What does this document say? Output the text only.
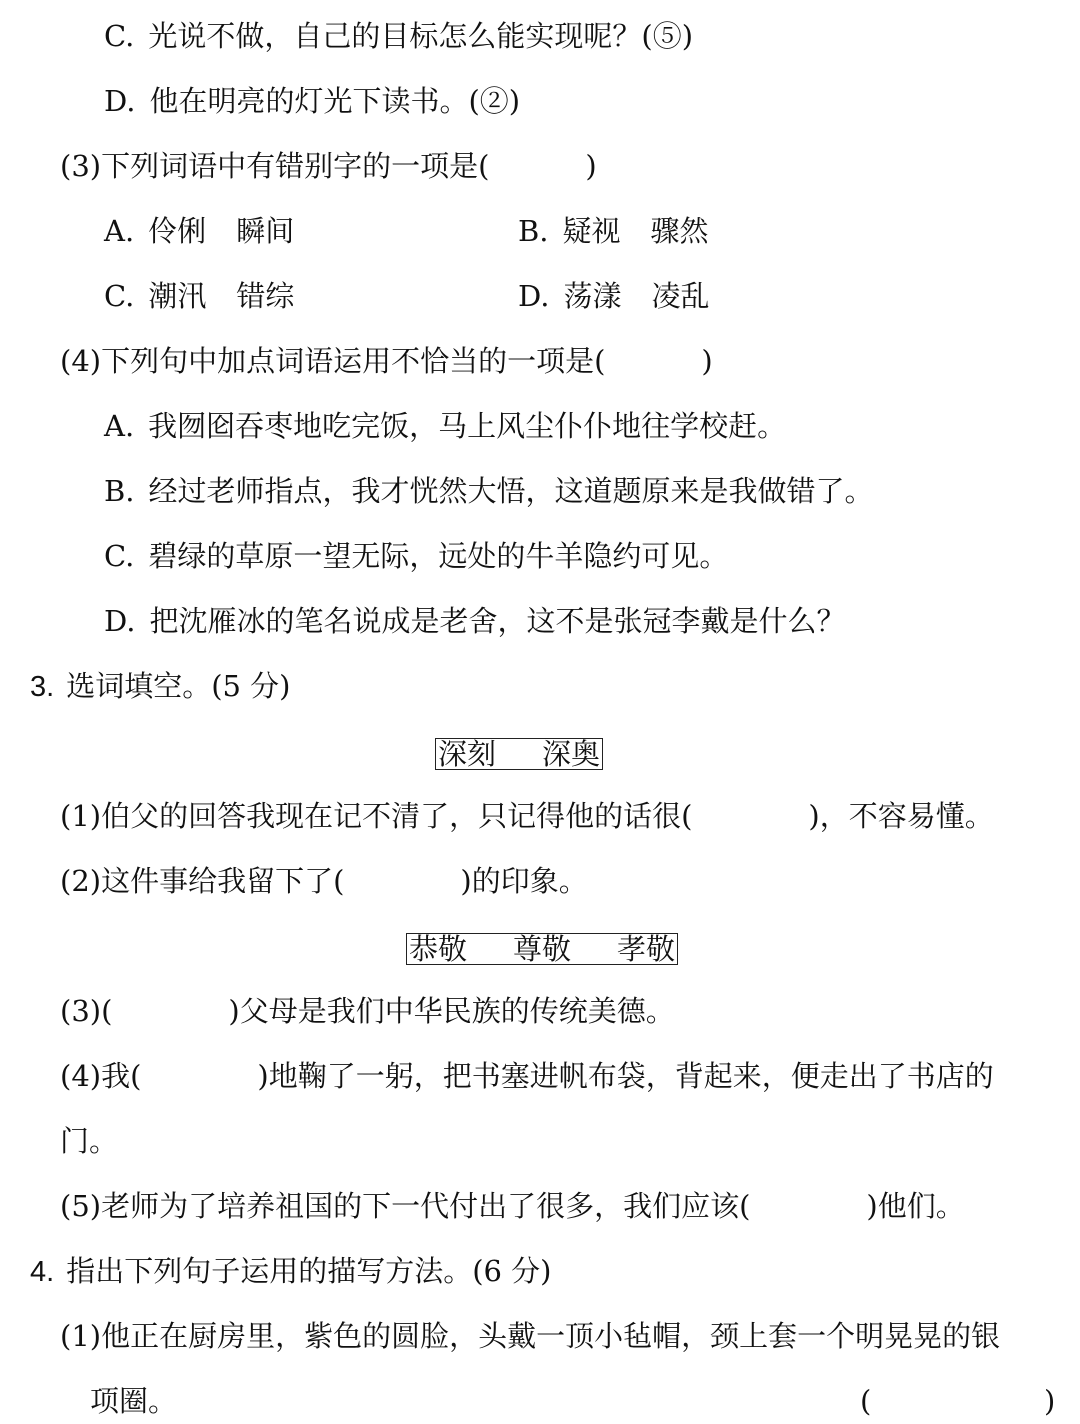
C. 光说不做，自己的目标怎么能实现呢？(⑤)
D. 他在明亮的灯光下读书。(②)
(3)下列词语中有错别字的一项是(	)
A. 伶俐 瞬间	B. 疑视 骤然
C. 潮汛 错综	D. 荡漾 凌乱
(4)下列句中加点词语运用不恰当的一项是(	)
A. 我囫囵吞枣地吃完饭，马上风尘仆仆地往学校赶。
B. 经过老师指点，我才恍然大悟，这道题原来是我做错了。
C. 碧绿的草原一望无际，远处的牛羊隐约可见。
D. 把沈雁冰的笔名说成是老舍，这不是张冠李戴是什么？
3. 选词填空。(5 分)
深刻 深奥
(1)伯父的回答我现在记不清了，只记得他的话很(	)，不容易懂。
(2)这件事给我留下了(	)的印象。
恭敬 尊敬 孝敬
(3)(	)父母是我们中华民族的传统美德。
(4)我(	)地鞠了一躬，把书塞进帆布袋，背起来，便走出了书店的
门。
(5)老师为了培养祖国的下一代付出了很多，我们应该(	)他们。
4. 指出下列句子运用的描写方法。(6 分)
(1)他正在厨房里，紫色的圆脸，头戴一顶小毡帽，颈上套一个明晃晃的银
项圈。	(	)
